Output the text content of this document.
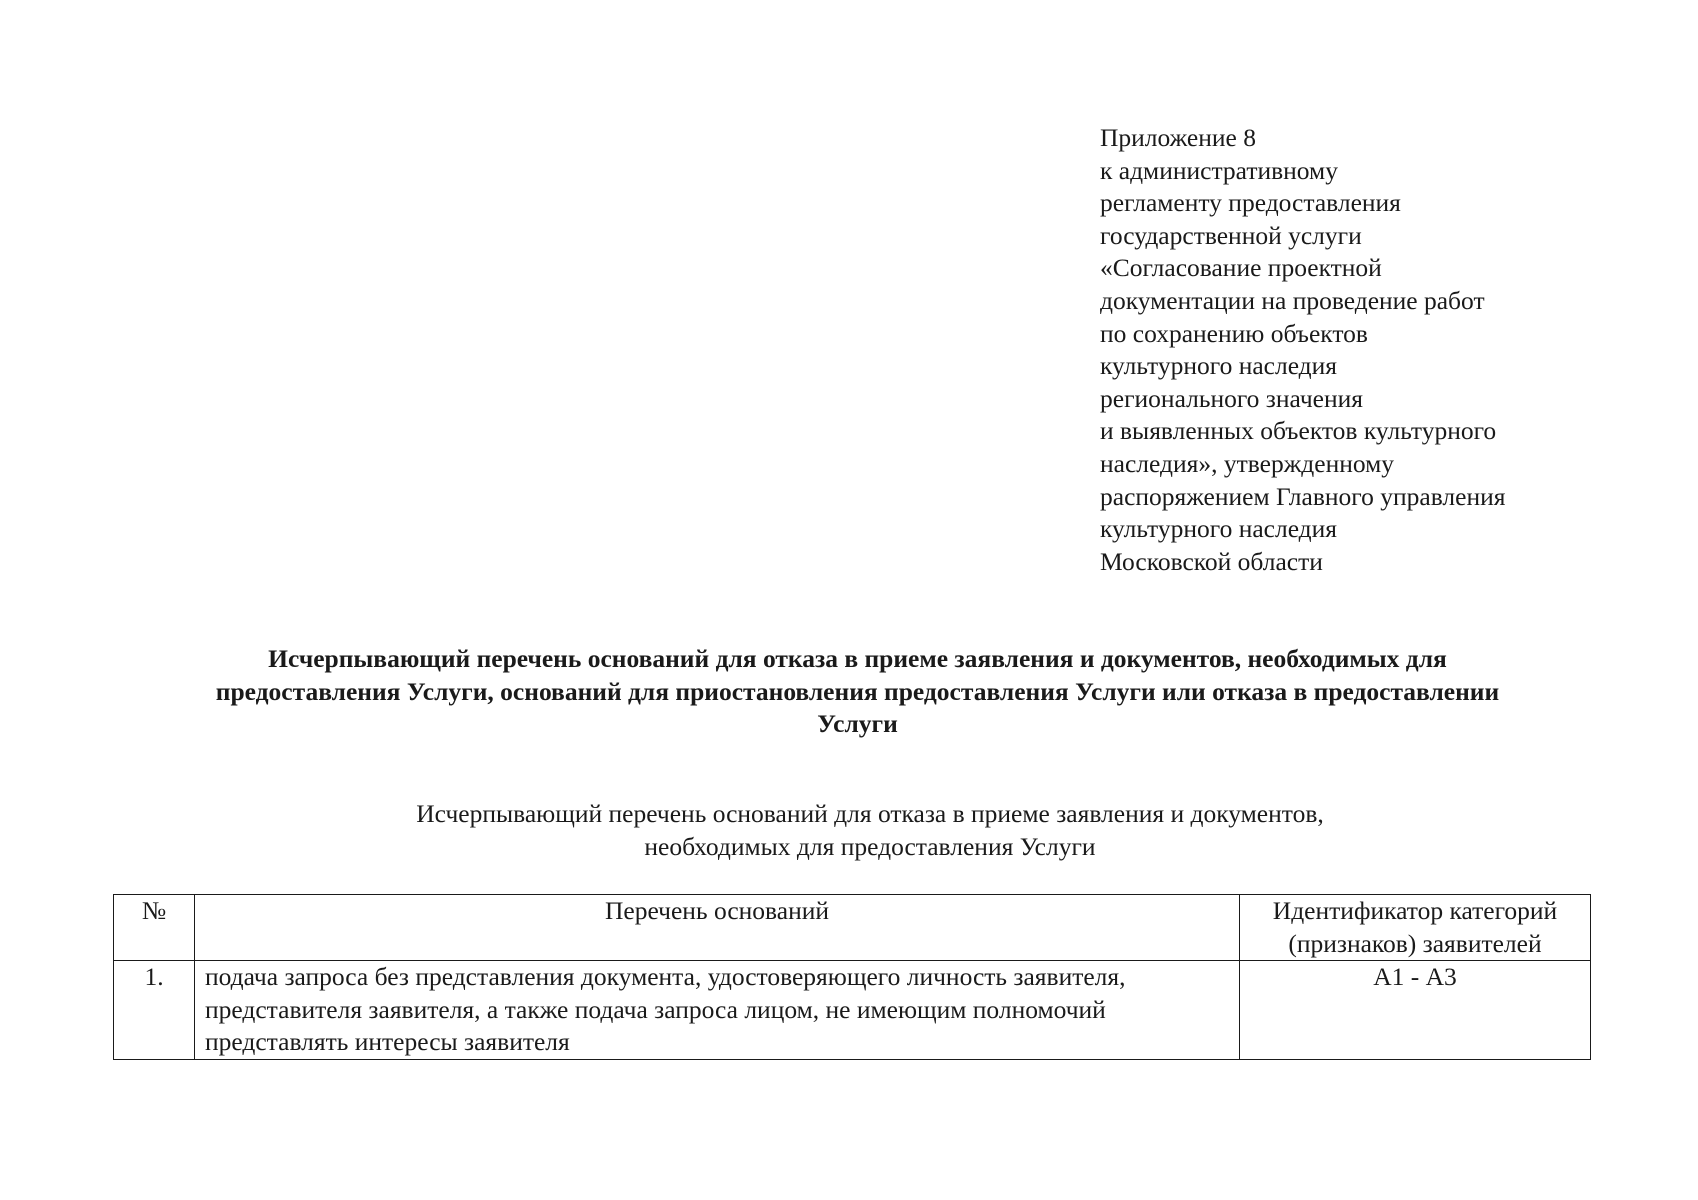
Приложение 8
к административному
регламенту предоставления
государственной услуги
«Согласование проектной
документации на проведение работ
по сохранению объектов
культурного наследия
регионального значения
и выявленных объектов культурного
наследия», утвержденному
распоряжением Главного управления
культурного наследия
Московской области
Исчерпывающий перечень оснований для отказа в приеме заявления и документов, необходимых для
предоставления Услуги, оснований для приостановления предоставления Услуги или отказа в предоставлении
Услуги
Исчерпывающий перечень оснований для отказа в приеме заявления и документов,
необходимых для предоставления Услуги
№	Перечень оснований	Идентификатор категорий (признаков) заявителей
1.	подача запроса без представления документа, удостоверяющего личность заявителя, представителя заявителя, а также подача запроса лицом, не имеющим полномочий представлять интересы заявителя	А1 - А3
